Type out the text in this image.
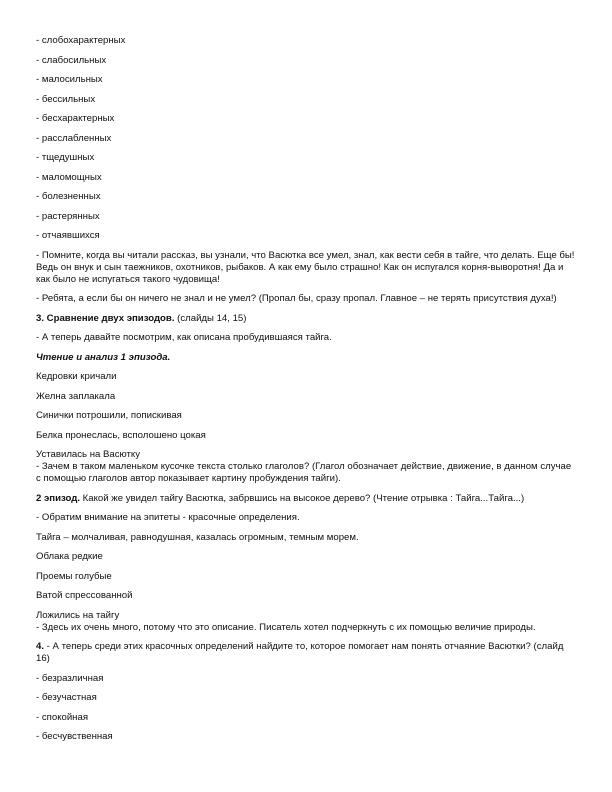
- слобохарактерных

- слабосильных

- малосильных

- бессильных

- бесхарактерных

- расслабленных

- тщедушных

- маломощных

- болезненных

- растерянных

- отчаявшихся

- Помните, когда вы читали рассказ, вы узнали, что Васютка все умел, знал, как вести себя в тайге, что делать. Еще бы! Ведь он внук и сын таежников, охотников, рыбаков. А как ему было страшно! Как он испугался корня-выворотня! Да и как было не испугаться такого чудовища!

- Ребята, а если бы он ничего не знал и не умел? (Пропал бы, сразу пропал. Главное – не терять присутствия духа!)

3. Сравнение двух эпизодов. (слайды 14, 15)

- А теперь давайте посмотрим, как описана пробудившаяся тайга.

Чтение и анализ 1 эпизода.

Кедровки кричали

Желна заплакала

Синички потрошили, попискивая

Белка пронеслась, всполошено цокая

Уставилась на Васютку

- Зачем в таком маленьком кусочке текста столько глаголов? (Глагол обозначает действие, движение, в данном случае с помощью глаголов автор показывает картину пробуждения тайги).

2 эпизод. Какой же увидел тайгу Васютка, забрвшись на высокое дерево? (Чтение отрывка : Тайга...Тайга...)

- Обратим внимание на эпитеты - красочные определения.

Тайга – молчаливая, равнодушная, казалась огромным, темным морем.

Облака редкие

Проемы голубые

Ватой спрессованной

Ложились на тайгу

- Здесь их очень много, потому что это описание. Писатель хотел подчеркнуть с их помощью величие природы.

4. - А теперь среди этих красочных определений найдите то, которое помогает нам понять отчаяние Васютки? (слайд 16)

- безразличная

- безучастная

- спокойная

- бесчувственная
